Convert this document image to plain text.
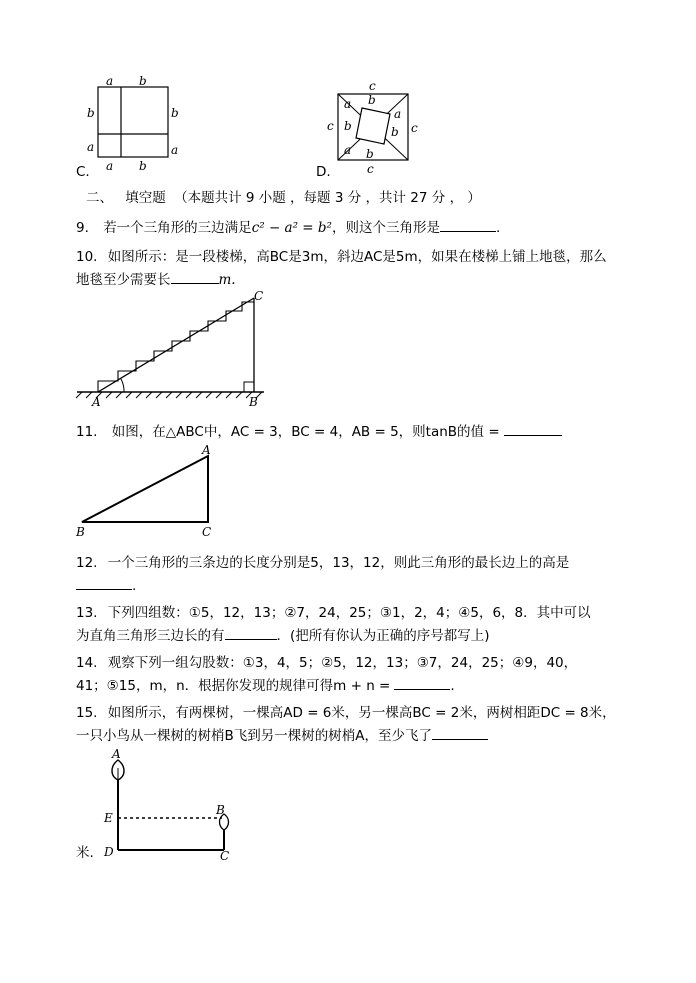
a b
b	b
a	a
a b
C.
c
a b
c b	c
b
a
a b
c
D.
二、 填空题 （本题共计 9 小题 ，每题 3 分 ，共计 27 分 ， ）
9. 若一个三角形的三边满足c² − a² = b²，则这个三角形是	.
10. 如图所示：是一段楼梯，高BC是3m，斜边AC是5m，如果在楼梯上铺上地毯，那么
地毯至少需要长	m.
A	B
C
11. 如图，在△ABC中，AC = 3，BC = 4，AB = 5，则tanB的值 =
A
B	C
12. 一个三角形的三条边的长度分别是5，13，12，则此三角形的最长边上的高是
.
13. 下列四组数：①5，12，13；②7，24，25；③1，2，4；④5，6，8．其中可以
为直角三角形三边长的有	．(把所有你认为正确的序号都写上)
14. 观察下列一组勾股数：①3，4，5；②5，12，13；③7，24，25；④9，40，
41；⑤15，m，n．根据你发现的规律可得m + n =	.
15. 如图所示，有两棵树，一棵高AD = 6米，另一棵高BC = 2米，两树相距DC = 8米，
一只小鸟从一棵树的树梢B飞到另一棵树的树梢A，至少飞了
A
E
B
D	C
米.
